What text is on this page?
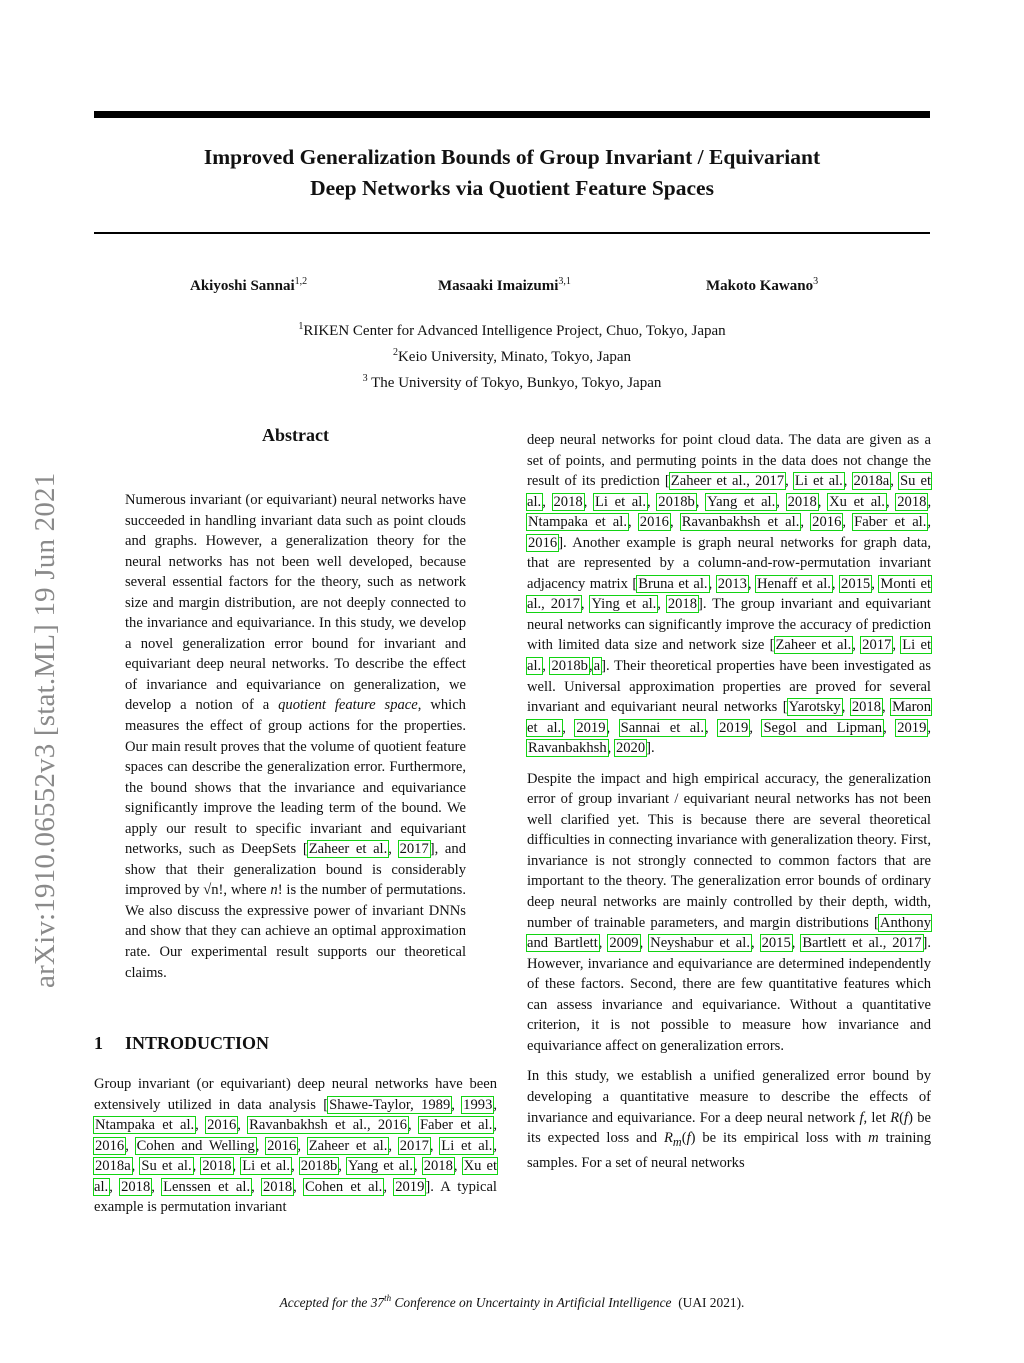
arXiv:1910.06552v3 [stat.ML] 19 Jun 2021
Improved Generalization Bounds of Group Invariant / Equivariant
Deep Networks via Quotient Feature Spaces
Akiyoshi Sannai$^{1,2}$	Masaaki Imaizumi$^{3,1}$	Makoto Kawano$^3$
$^1$RIKEN Center for Advanced Intelligence Project, Chuo, Tokyo, Japan
$^2$Keio University, Minato, Tokyo, Japan
$^3$ The University of Tokyo, Bunkyo, Tokyo, Japan
Abstract

Numerous invariant (or equivariant) neural networks have succeeded in handling invariant data such as point clouds and graphs. However, a generalization theory for the neural networks has not been well developed, because several essential factors for the theory, such as network size and margin distribution, are not deeply connected to the invariance and equivariance. In this study, we develop a novel generalization error bound for invariant and equivariant deep neural networks. To describe the effect of invariance and equivariance on generalization, we develop a notion of a quotient feature space, which measures the effect of group actions for the properties. Our main result proves that the volume of quotient feature spaces can describe the generalization error. Furthermore, the bound shows that the invariance and equivariance significantly improve the leading term of the bound. We apply our result to specific invariant and equivariant networks, such as DeepSets [Zaheer et al., 2017], and show that their generalization bound is considerably improved by √n!, where n! is the number of permutations. We also discuss the expressive power of invariant DNNs and show that they can achieve an optimal approximation rate. Our experimental result supports our theoretical claims.

1 INTRODUCTION

Group invariant (or equivariant) deep neural networks have been extensively utilized in data analysis [Shawe-Taylor, 1989, 1993, Ntampaka et al., 2016, Ravanbakhsh et al., 2016, Faber et al., 2016, Cohen and Welling, 2016, Zaheer et al., 2017, Li et al., 2018a, Su et al., 2018, Li et al., 2018b, Yang et al., 2018, Xu et al., 2018, Lenssen et al., 2018, Cohen et al., 2019]. A typical example is permutation invariant

deep neural networks for point cloud data. The data are given as a set of points, and permuting points in the data does not change the result of its prediction [Zaheer et al., 2017, Li et al., 2018a, Su et al., 2018, Li et al., 2018b, Yang et al., 2018, Xu et al., 2018, Ntampaka et al., 2016, Ravanbakhsh et al., 2016, Faber et al., 2016]. Another example is graph neural networks for graph data, that are represented by a column-and-row-permutation invariant adjacency matrix [Bruna et al., 2013, Henaff et al., 2015, Monti et al., 2017, Ying et al., 2018]. The group invariant and equivariant neural networks can significantly improve the accuracy of prediction with limited data size and network size [Zaheer et al., 2017, Li et al., 2018b,a]. Their theoretical properties have been investigated as well. Universal approximation properties are proved for several invariant and equivariant neural networks [Yarotsky, 2018, Maron et al., 2019, Sannai et al., 2019, Segol and Lipman, 2019, Ravanbakhsh, 2020].

Despite the impact and high empirical accuracy, the generalization error of group invariant / equivariant neural networks has not been well clarified yet. This is because there are several theoretical difficulties in connecting invariance with generalization theory. First, invariance is not strongly connected to common factors that are important to the theory. The generalization error bounds of ordinary deep neural networks are mainly controlled by their depth, width, number of trainable parameters, and margin distributions [Anthony and Bartlett, 2009, Neyshabur et al., 2015, Bartlett et al., 2017]. However, invariance and equivariance are determined independently of these factors. Second, there are few quantitative features which can assess invariance and equivariance. Without a quantitative criterion, it is not possible to measure how invariance and equivariance affect on generalization errors.

In this study, we establish a unified generalized error bound by developing a quantitative measure to describe the effects of invariance and equivariance. For a deep neural network f, let R(f) be its expected loss and $R_m(f)$ be its empirical loss with m training samples. For a set of neural networks

Accepted for the 37th Conference on Uncertainty in Artificial Intelligence  (UAI 2021).
